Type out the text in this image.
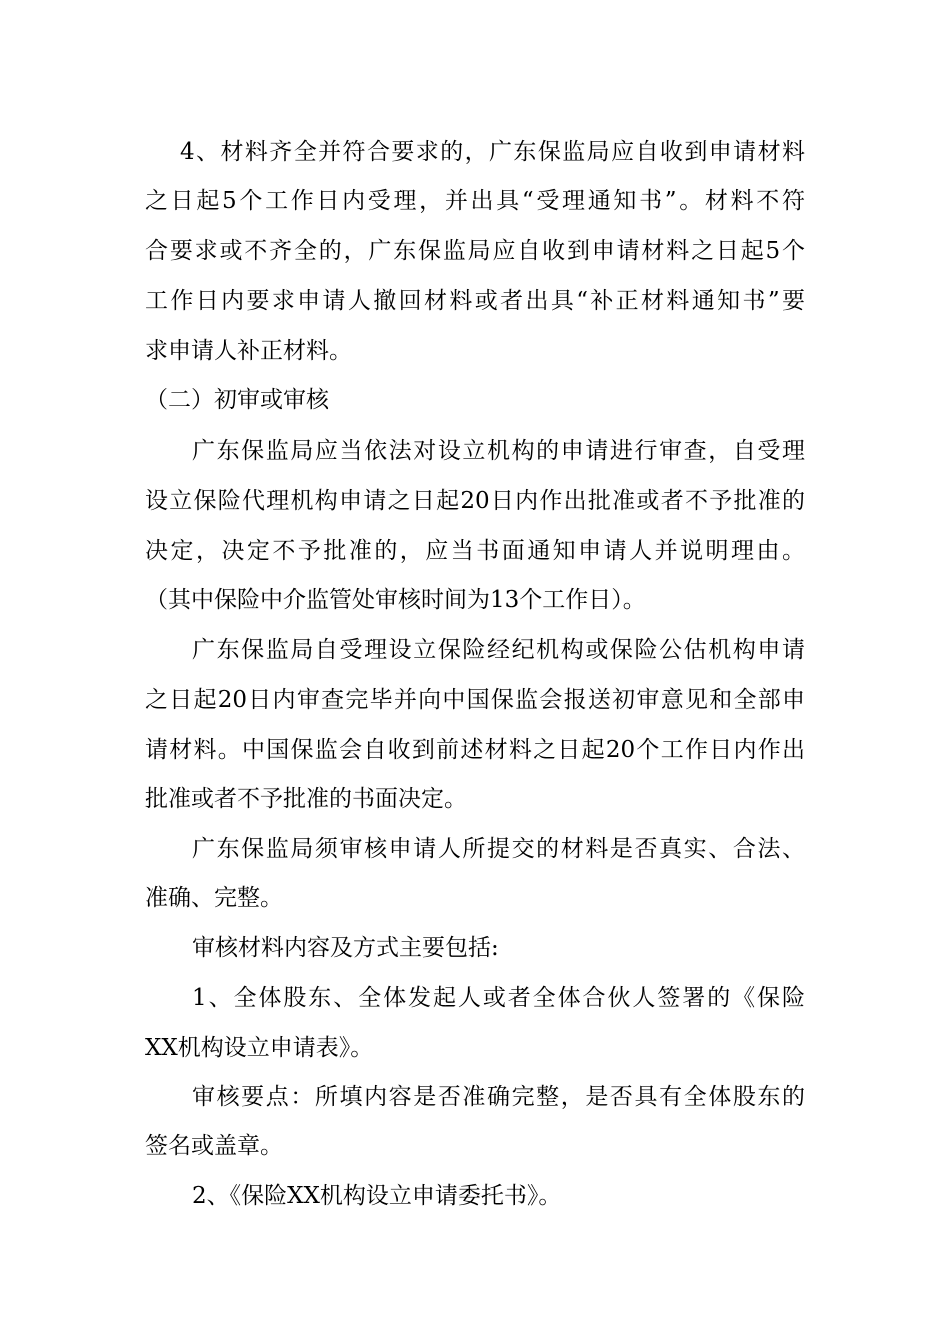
4、材料齐全并符合要求的，广东保监局应自收到申请材料
之日起5个工作日内受理，并出具“受理通知书”。材料不符
合要求或不齐全的，广东保监局应自收到申请材料之日起5个
工作日内要求申请人撤回材料或者出具“补正材料通知书”要
求申请人补正材料。
（二）初审或审核
广东保监局应当依法对设立机构的申请进行审查，自受理
设立保险代理机构申请之日起20日内作出批准或者不予批准的
决定，决定不予批准的，应当书面通知申请人并说明理由。
（其中保险中介监管处审核时间为13个工作日）。
广东保监局自受理设立保险经纪机构或保险公估机构申请
之日起20日内审查完毕并向中国保监会报送初审意见和全部申
请材料。中国保监会自收到前述材料之日起20个工作日内作出
批准或者不予批准的书面决定。
广东保监局须审核申请人所提交的材料是否真实、合法、
准确、完整。
审核材料内容及方式主要包括:
1、全体股东、全体发起人或者全体合伙人签署的《保险
XX机构设立申请表》。
审核要点：所填内容是否准确完整，是否具有全体股东的
签名或盖章。
2、《保险XX机构设立申请委托书》。
